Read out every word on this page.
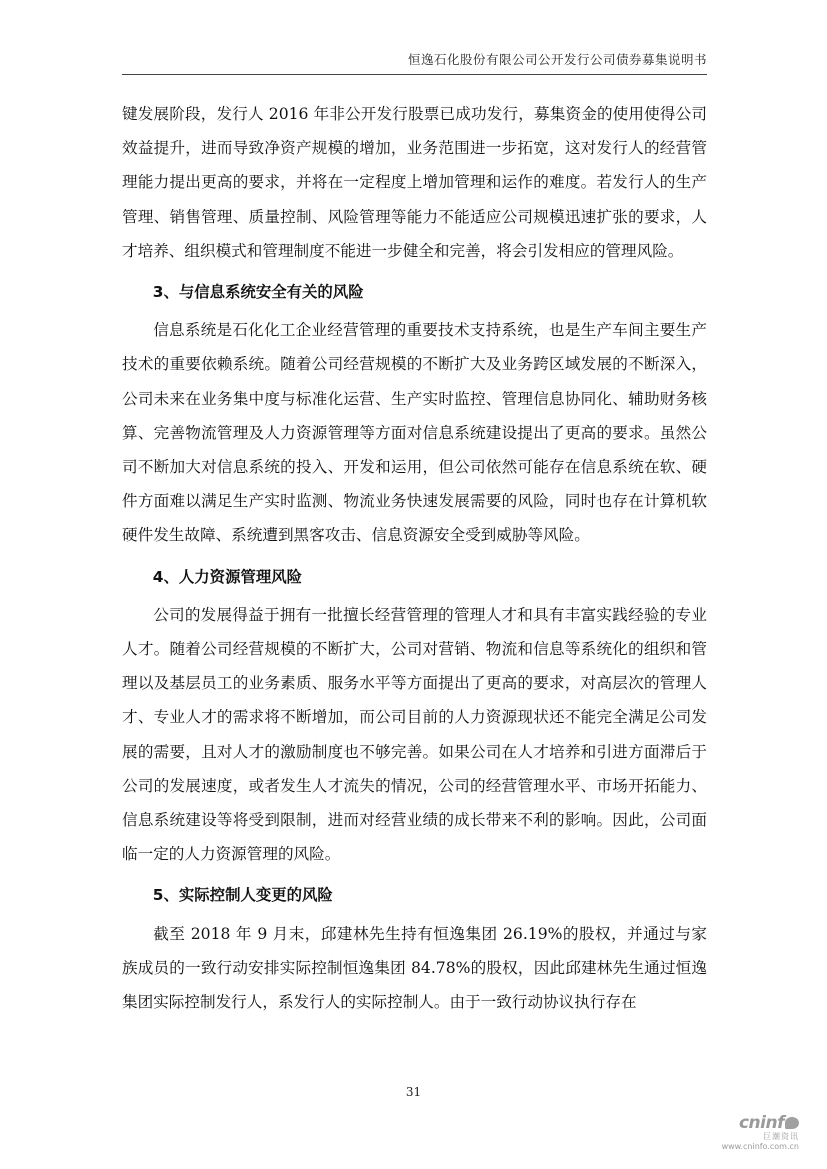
恒逸石化股份有限公司公开发行公司债券募集说明书

键发展阶段，发行人 2016 年非公开发行股票已成功发行，募集资金的使用使得公司效益提升，进而导致净资产规模的增加，业务范围进一步拓宽，这对发行人的经营管理能力提出更高的要求，并将在一定程度上增加管理和运作的难度。若发行人的生产管理、销售管理、质量控制、风险管理等能力不能适应公司规模迅速扩张的要求，人才培养、组织模式和管理制度不能进一步健全和完善，将会引发相应的管理风险。

3、与信息系统安全有关的风险

信息系统是石化化工企业经营管理的重要技术支持系统，也是生产车间主要生产技术的重要依赖系统。随着公司经营规模的不断扩大及业务跨区域发展的不断深入，公司未来在业务集中度与标准化运营、生产实时监控、管理信息协同化、辅助财务核算、完善物流管理及人力资源管理等方面对信息系统建设提出了更高的要求。虽然公司不断加大对信息系统的投入、开发和运用，但公司依然可能存在信息系统在软、硬件方面难以满足生产实时监测、物流业务快速发展需要的风险，同时也存在计算机软硬件发生故障、系统遭到黑客攻击、信息资源安全受到威胁等风险。

4、人力资源管理风险

公司的发展得益于拥有一批擅长经营管理的管理人才和具有丰富实践经验的专业人才。随着公司经营规模的不断扩大，公司对营销、物流和信息等系统化的组织和管理以及基层员工的业务素质、服务水平等方面提出了更高的要求，对高层次的管理人才、专业人才的需求将不断增加，而公司目前的人力资源现状还不能完全满足公司发展的需要，且对人才的激励制度也不够完善。如果公司在人才培养和引进方面滞后于公司的发展速度，或者发生人才流失的情况，公司的经营管理水平、市场开拓能力、信息系统建设等将受到限制，进而对经营业绩的成长带来不利的影响。因此，公司面临一定的人力资源管理的风险。

5、实际控制人变更的风险

截至 2018 年 9 月末，邱建林先生持有恒逸集团 26.19%的股权，并通过与家族成员的一致行动安排实际控制恒逸集团 84.78%的股权，因此邱建林先生通过恒逸集团实际控制发行人，系发行人的实际控制人。由于一致行动协议执行存在

31
cninf
巨潮资讯
www.cninfo.com.cn
